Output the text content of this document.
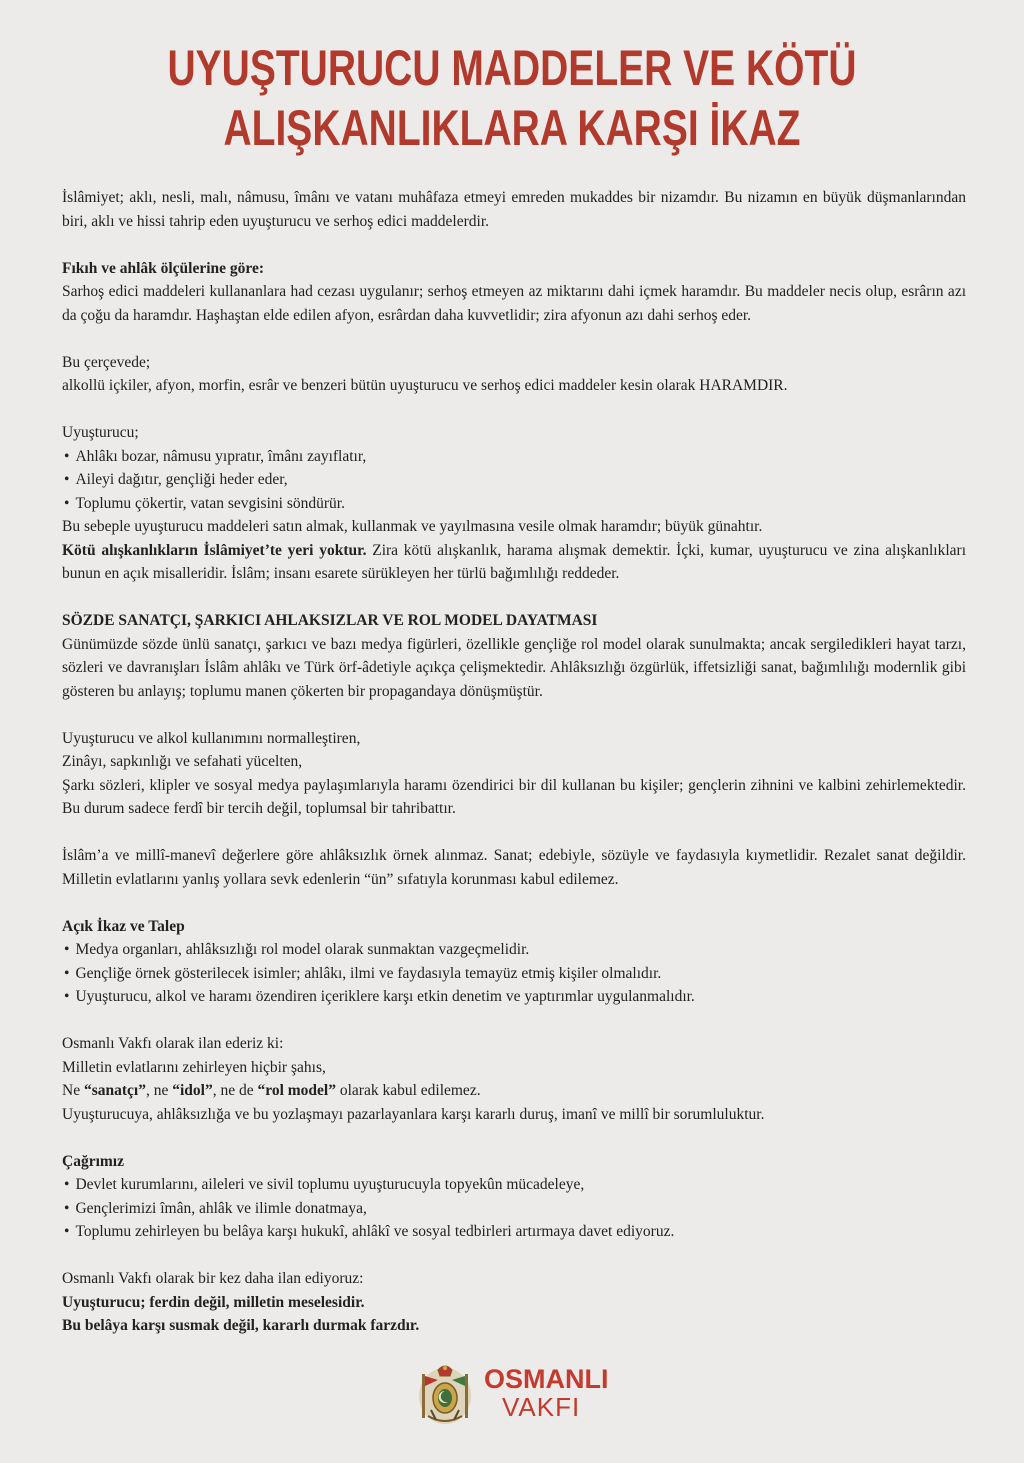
UYUŞTURUCU MADDELER VE KÖTÜ
ALIŞKANLIKLARA KARŞI İKAZ

İslâmiyet; aklı, nesli, malı, nâmusu, îmânı ve vatanı muhâfaza etmeyi emreden mukaddes bir nizamdır. Bu nizamın en büyük düşmanlarından biri, aklı ve hissi tahrip eden uyuşturucu ve serhoş edici maddelerdir.

Fıkıh ve ahlâk ölçülerine göre:

Sarhoş edici maddeleri kullananlara had cezası uygulanır; serhoş etmeyen az miktarını dahi içmek haramdır. Bu maddeler necis olup, esrârın azı da çoğu da haramdır. Haşhaştan elde edilen afyon, esrârdan daha kuvvetlidir; zira afyonun azı dahi serhoş eder.

Bu çerçevede;

alkollü içkiler, afyon, morfin, esrâr ve benzeri bütün uyuşturucu ve serhoş edici maddeler kesin olarak HARAMDIR.

Uyuşturucu;

• Ahlâkı bozar, nâmusu yıpratır, îmânı zayıflatır,

• Aileyi dağıtır, gençliği heder eder,

• Toplumu çökertir, vatan sevgisini söndürür.

Bu sebeple uyuşturucu maddeleri satın almak, kullanmak ve yayılmasına vesile olmak haramdır; büyük günahtır.

Kötü alışkanlıkların İslâmiyet’te yeri yoktur. Zira kötü alışkanlık, harama alışmak demektir. İçki, kumar, uyuşturucu ve zina alışkanlıkları bunun en açık misalleridir. İslâm; insanı esarete sürükleyen her türlü bağımlılığı reddeder.

SÖZDE SANATÇI, ŞARKICI AHLAKSIZLAR VE ROL MODEL DAYATMASI

Günümüzde sözde ünlü sanatçı, şarkıcı ve bazı medya figürleri, özellikle gençliğe rol model olarak sunulmakta; ancak sergiledikleri hayat tarzı, sözleri ve davranışları İslâm ahlâkı ve Türk örf-âdetiyle açıkça çelişmektedir. Ahlâksızlığı özgürlük, iffetsizliği sanat, bağımlılığı modernlik gibi gösteren bu anlayış; toplumu manen çökerten bir propagandaya dönüşmüştür.

Uyuşturucu ve alkol kullanımını normalleştiren,

Zinâyı, sapkınlığı ve sefahati yücelten,

Şarkı sözleri, klipler ve sosyal medya paylaşımlarıyla haramı özendirici bir dil kullanan bu kişiler; gençlerin zihnini ve kalbini zehirlemektedir. Bu durum sadece ferdî bir tercih değil, toplumsal bir tahribattır.

İslâm’a ve millî-manevî değerlere göre ahlâksızlık örnek alınmaz. Sanat; edebiyle, sözüyle ve faydasıyla kıymetlidir. Rezalet sanat değildir. Milletin evlatlarını yanlış yollara sevk edenlerin “ün” sıfatıyla korunması kabul edilemez.

Açık İkaz ve Talep

• Medya organları, ahlâksızlığı rol model olarak sunmaktan vazgeçmelidir.

• Gençliğe örnek gösterilecek isimler; ahlâkı, ilmi ve faydasıyla temayüz etmiş kişiler olmalıdır.

• Uyuşturucu, alkol ve haramı özendiren içeriklere karşı etkin denetim ve yaptırımlar uygulanmalıdır.

Osmanlı Vakfı olarak ilan ederiz ki:

Milletin evlatlarını zehirleyen hiçbir şahıs,

Ne “sanatçı”, ne “idol”, ne de “rol model” olarak kabul edilemez.

Uyuşturucuya, ahlâksızlığa ve bu yozlaşmayı pazarlayanlara karşı kararlı duruş, imanî ve millî bir sorumluluktur.

Çağrımız

• Devlet kurumlarını, aileleri ve sivil toplumu uyuşturucuyla topyekûn mücadeleye,

• Gençlerimizi îmân, ahlâk ve ilimle donatmaya,

• Toplumu zehirleyen bu belâya karşı hukukî, ahlâkî ve sosyal tedbirleri artırmaya davet ediyoruz.

Osmanlı Vakfı olarak bir kez daha ilan ediyoruz:

Uyuşturucu; ferdin değil, milletin meselesidir.

Bu belâya karşı susmak değil, kararlı durmak farzdır.

OSMANLI
VAKFI
